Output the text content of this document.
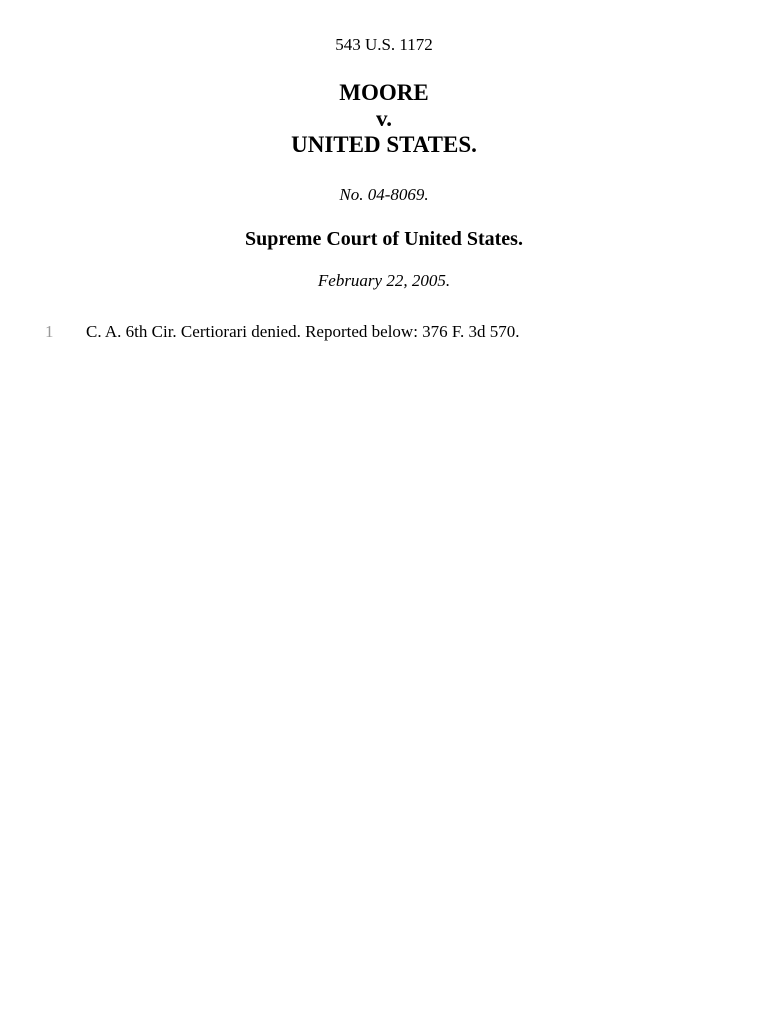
543 U.S. 1172
MOORE
v.
UNITED STATES.
No. 04-8069.
Supreme Court of United States.
February 22, 2005.
1 C. A. 6th Cir. Certiorari denied. Reported below: 376 F. 3d 570.
